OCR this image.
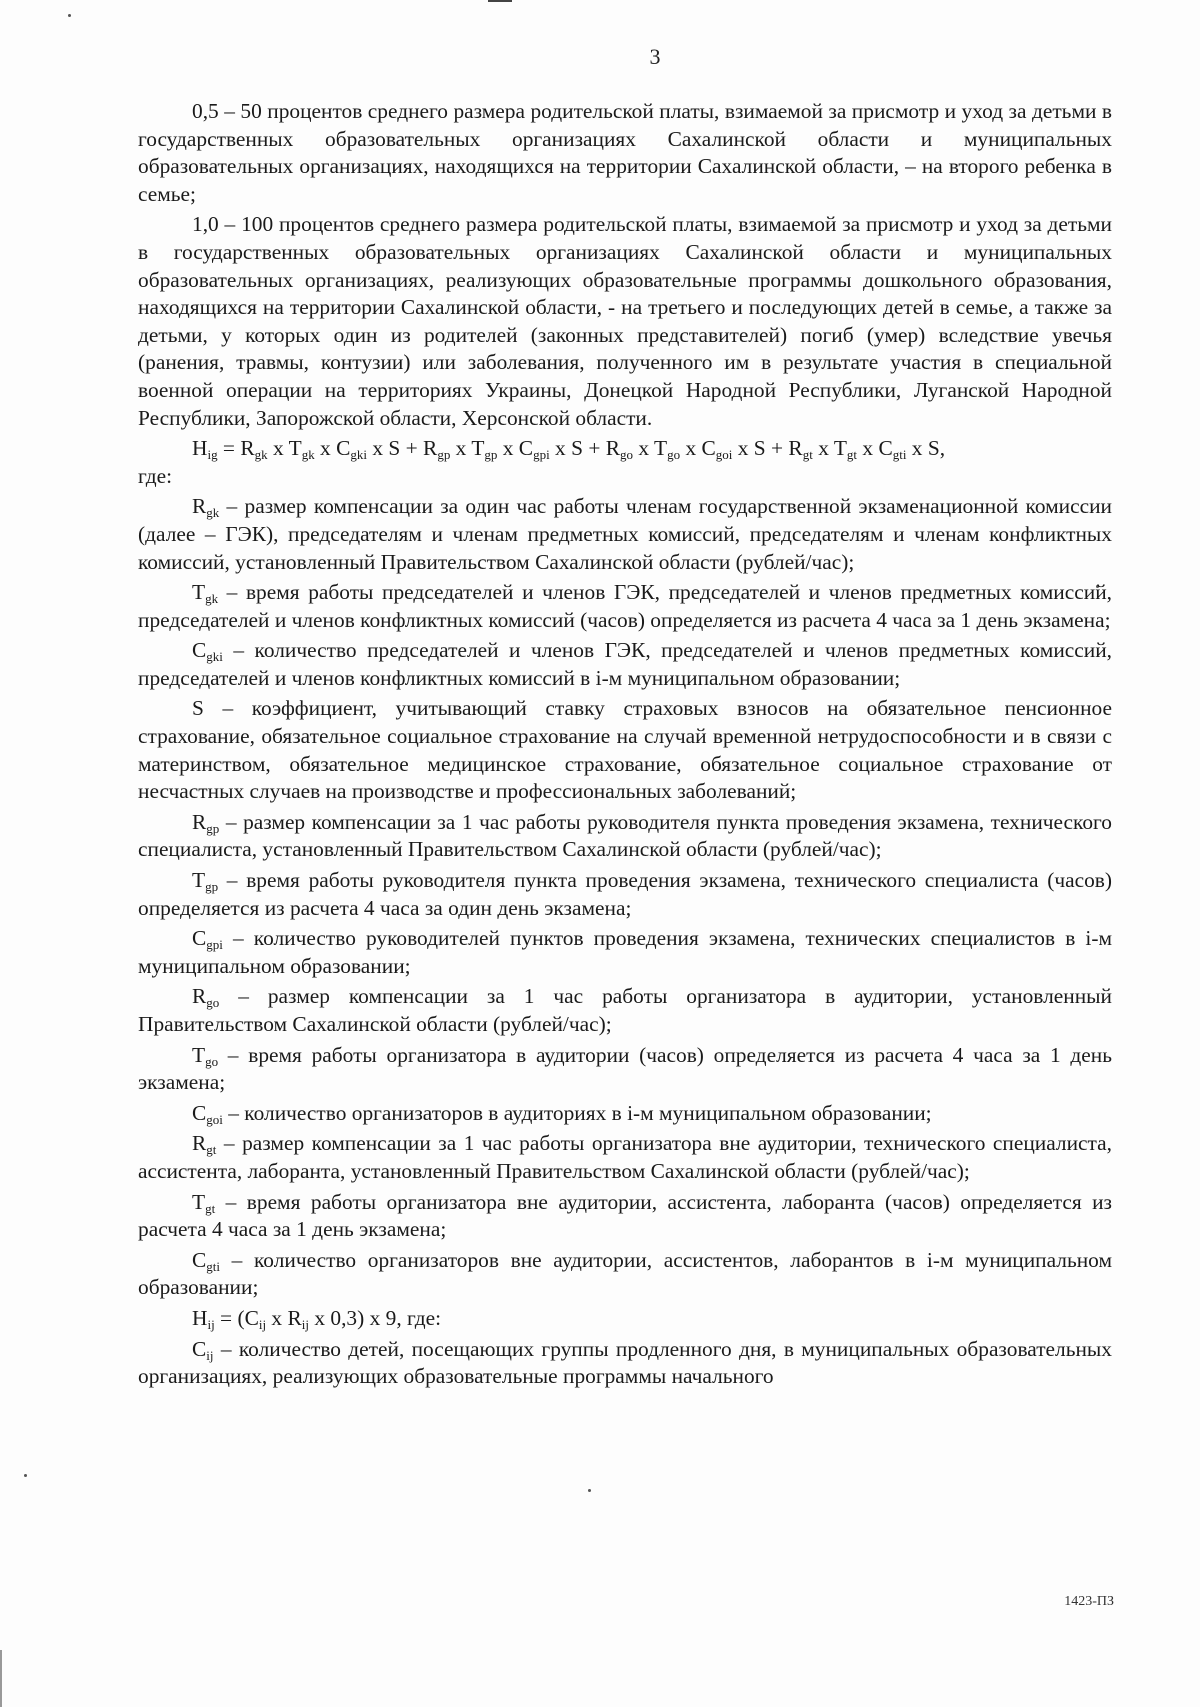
3

0,5 – 50 процентов среднего размера родительской платы, взимаемой за присмотр и уход за детьми в государственных образовательных организациях Сахалинской области и муниципальных образовательных организациях, находящихся на территории Сахалинской области, – на второго ребенка в семье;

1,0 – 100 процентов среднего размера родительской платы, взимаемой за присмотр и уход за детьми в государственных образовательных организациях Сахалинской области и муниципальных образовательных организациях, реализующих образовательные программы дошкольного образования, находящихся на территории Сахалинской области, - на третьего и последующих детей в семье, а также за детьми, у которых один из родителей (законных представителей) погиб (умер) вследствие увечья (ранения, травмы, контузии) или заболевания, полученного им в результате участия в специальной военной операции на территориях Украины, Донецкой Народной Республики, Луганской Народной Республики, Запорожской области, Херсонской области.

$H_{ig} = R_{gk}$ x $T_{gk}$ x $C_{gki}$ x $S + R_{gp}$ x $T_{gp}$ x $C_{gpi}$ x $S + R_{go}$ x $T_{go}$ x $C_{goi}$ x $S + R_{gt}$ x $T_{gt}$ x $C_{gti}$ x S,

где:

$R_{gk}$ – размер компенсации за один час работы членам государственной экзаменационной комиссии (далее – ГЭК), председателям и членам предметных комиссий, председателям и членам конфликтных комиссий, установленный Правительством Сахалинской области (рублей/час);

$T_{gk}$ – время работы председателей и членов ГЭК, председателей и членов предметных комиссий, председателей и членов конфликтных комиссий (часов) определяется из расчета 4 часа за 1 день экзамена;

$C_{gki}$ – количество председателей и членов ГЭК, председателей и членов предметных комиссий, председателей и членов конфликтных комиссий в i-м муниципальном образовании;

S – коэффициент, учитывающий ставку страховых взносов на обязательное пенсионное страхование, обязательное социальное страхование на случай временной нетрудоспособности и в связи с материнством, обязательное медицинское страхование, обязательное социальное страхование от несчастных случаев на производстве и профессиональных заболеваний;

$R_{gp}$ – размер компенсации за 1 час работы руководителя пункта проведения экзамена, технического специалиста, установленный Правительством Сахалинской области (рублей/час);

$T_{gp}$ – время работы руководителя пункта проведения экзамена, технического специалиста (часов) определяется из расчета 4 часа за один день экзамена;

$C_{gpi}$ – количество руководителей пунктов проведения экзамена, технических специалистов в i-м муниципальном образовании;

$R_{go}$ – размер компенсации за 1 час работы организатора в аудитории, установленный Правительством Сахалинской области (рублей/час);

$T_{go}$ – время работы организатора в аудитории (часов) определяется из расчета 4 часа за 1 день экзамена;

$C_{goi}$ – количество организаторов в аудиториях в i-м муниципальном образовании;

$R_{gt}$ – размер компенсации за 1 час работы организатора вне аудитории, технического специалиста, ассистента, лаборанта, установленный Правительством Сахалинской области (рублей/час);

$T_{gt}$ – время работы организатора вне аудитории, ассистента, лаборанта (часов) определяется из расчета 4 часа за 1 день экзамена;

$C_{gti}$ – количество организаторов вне аудитории, ассистентов, лаборантов в i-м муниципальном образовании;

$H_{ij} = (C_{ij}$ x $R_{ij}$ x 0,3) x 9, где:

$C_{ij}$ – количество детей, посещающих группы продленного дня, в муниципальных образовательных организациях, реализующих образовательные программы начального

1423-ПЗ
